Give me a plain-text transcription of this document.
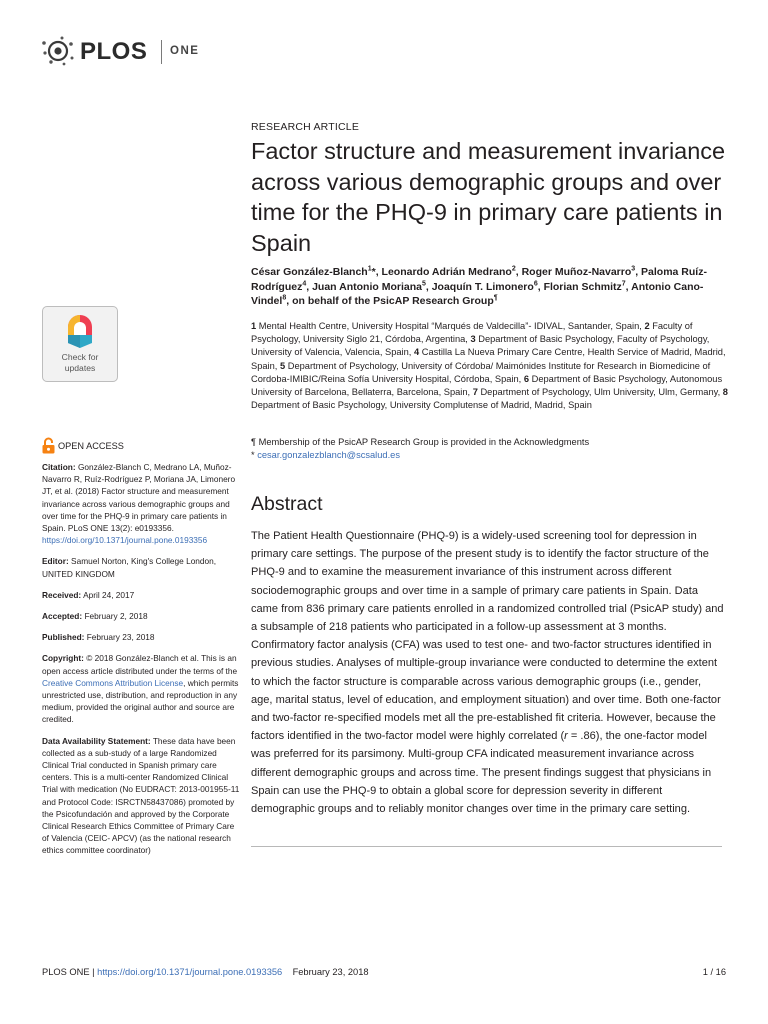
PLOS ONE
RESEARCH ARTICLE
Factor structure and measurement invariance across various demographic groups and over time for the PHQ-9 in primary care patients in Spain

César González-Blanch$^1$*, Leonardo Adrián Medrano$^2$, Roger Muñoz-Navarro$^3$, Paloma Ruíz-Rodríguez$^4$, Juan Antonio Moriana$^5$, Joaquín T. Limonero$^6$, Florian Schmitz$^7$, Antonio Cano-Vindel$^8$, on behalf of the PsicAP Research Group¶

1 Mental Health Centre, University Hospital “Marqués de Valdecilla”- IDIVAL, Santander, Spain, 2 Faculty of Psychology, University Siglo 21, Córdoba, Argentina, 3 Department of Basic Psychology, Faculty of Psychology, University of Valencia, Valencia, Spain, 4 Castilla La Nueva Primary Care Centre, Health Service of Madrid, Madrid, Spain, 5 Department of Psychology, University of Córdoba/ Maimónides Institute for Research in Biomedicine of Cordoba-IMIBIC/Reina Sofía University Hospital, Córdoba, Spain, 6 Department of Basic Psychology, Autonomous University of Barcelona, Bellaterra, Barcelona, Spain, 7 Department of Psychology, Ulm University, Ulm, Germany, 8 Department of Basic Psychology, University Complutense of Madrid, Madrid, Spain

¶ Membership of the PsicAP Research Group is provided in the Acknowledgments
* cesar.gonzalezblanch@scsalud.es
Abstract

The Patient Health Questionnaire (PHQ-9) is a widely-used screening tool for depression in primary care settings. The purpose of the present study is to identify the factor structure of the PHQ-9 and to examine the measurement invariance of this instrument across different sociodemographic groups and over time in a sample of primary care patients in Spain. Data came from 836 primary care patients enrolled in a randomized controlled trial (PsicAP study) and a subsample of 218 patients who participated in a follow-up assessment at 3 months. Confirmatory factor analysis (CFA) was used to test one- and two-factor structures identified in previous studies. Analyses of multiple-group invariance were conducted to determine the extent to which the factor structure is comparable across various demographic groups (i.e., gender, age, marital status, level of education, and employment situation) and over time. Both one-factor and two-factor re-specified models met all the pre-established fit criteria. However, because the factors identified in the two-factor model were highly correlated (r = .86), the one-factor model was preferred for its parsimony. Multi-group CFA indicated measurement invariance across different demographic groups and across time. The present findings suggest that physicians in Spain can use the PHQ-9 to obtain a global score for depression severity in different demographic groups and to reliably monitor changes over time in the primary care setting.

Check for
updates
OPEN ACCESS

Citation: González-Blanch C, Medrano LA, Muñoz-Navarro R, Ruíz-Rodríguez P, Moriana JA, Limonero JT, et al. (2018) Factor structure and measurement invariance across various demographic groups and over time for the PHQ-9 in primary care patients in Spain. PLoS ONE 13(2): e0193356. https://doi.org/10.1371/journal.pone.0193356

Editor: Samuel Norton, King's College London, UNITED KINGDOM

Received: April 24, 2017

Accepted: February 2, 2018

Published: February 23, 2018

Copyright: © 2018 González-Blanch et al. This is an open access article distributed under the terms of the Creative Commons Attribution License, which permits unrestricted use, distribution, and reproduction in any medium, provided the original author and source are credited.

Data Availability Statement: These data have been collected as a sub-study of a large Randomized Clinical Trial conducted in Spanish primary care centers. This is a multi-center Randomized Clinical Trial with medication (No EUDRACT: 2013-001955-11 and Protocol Code: ISRCTN58437086) promoted by the Psicofundación and approved by the Corporate Clinical Research Ethics Committee of Primary Care of Valencia (CEIC- APCV) (as the national research ethics committee coordinator)

PLOS ONE | https://doi.org/10.1371/journal.pone.0193356 February 23, 2018	1 / 16
